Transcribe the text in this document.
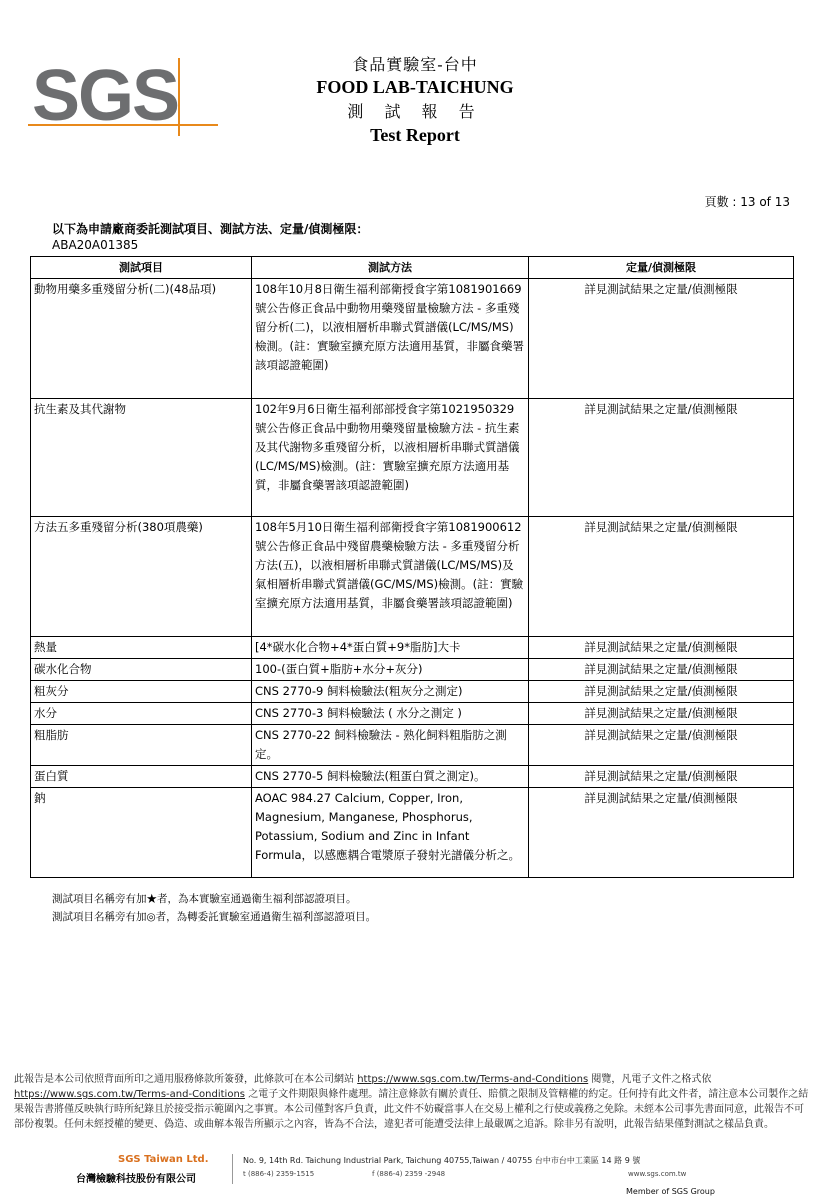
SGS	食品實驗室-台中
FOOD LAB-TAICHUNG
測 試 報 告
Test Report
頁數 : 13 of 13
以下為申請廠商委託測試項目、測試方法、定量/偵測極限：
ABA20A01385
測試項目	測試方法	定量/偵測極限
動物用藥多重殘留分析(二)(48品項)	108年10月8日衛生福利部衛授食字第1081901669號公告修正食品中動物用藥殘留量檢驗方法 - 多重殘留分析(二)，以液相層析串聯式質譜儀(LC/MS/MS)檢測。(註：實驗室擴充原方法適用基質，非屬食藥署該項認證範圍)	詳見測試結果之定量/偵測極限
抗生素及其代謝物	102年9月6日衛生福利部部授食字第1021950329號公告修正食品中動物用藥殘留量檢驗方法 - 抗生素及其代謝物多重殘留分析，以液相層析串聯式質譜儀(LC/MS/MS)檢測。(註：實驗室擴充原方法適用基質，非屬食藥署該項認證範圍)	詳見測試結果之定量/偵測極限
方法五多重殘留分析(380項農藥)	108年5月10日衛生福利部衛授食字第1081900612號公告修正食品中殘留農藥檢驗方法 - 多重殘留分析方法(五)，以液相層析串聯式質譜儀(LC/MS/MS)及氣相層析串聯式質譜儀(GC/MS/MS)檢測。(註：實驗室擴充原方法適用基質，非屬食藥署該項認證範圍)	詳見測試結果之定量/偵測極限
熱量	[4*碳水化合物+4*蛋白質+9*脂肪]大卡	詳見測試結果之定量/偵測極限
碳水化合物	100-(蛋白質+脂肪+水分+灰分)	詳見測試結果之定量/偵測極限
粗灰分	CNS 2770-9 飼料檢驗法(粗灰分之測定)	詳見測試結果之定量/偵測極限
水分	CNS 2770-3 飼料檢驗法 ( 水分之測定 )	詳見測試結果之定量/偵測極限
粗脂肪	CNS 2770-22 飼料檢驗法 - 熟化飼料粗脂肪之測定。	詳見測試結果之定量/偵測極限
蛋白質	CNS 2770-5 飼料檢驗法(粗蛋白質之測定)。	詳見測試結果之定量/偵測極限
鈉	AOAC 984.27 Calcium, Copper, Iron, Magnesium, Manganese, Phosphorus, Potassium, Sodium and Zinc in Infant Formula，以感應耦合電漿原子發射光譜儀分析之。	詳見測試結果之定量/偵測極限
測試項目名稱旁有加★者，為本實驗室通過衛生福利部認證項目。
測試項目名稱旁有加◎者，為轉委託實驗室通過衛生福利部認證項目。
此報告是本公司依照背面所印之通用服務條款所簽發，此條款可在本公司網站 https://www.sgs.com.tw/Terms-and-Conditions 閱覽，凡電子文件之格式依 https://www.sgs.com.tw/Terms-and-Conditions 之電子文件期限與條件處理。請注意條款有關於責任、賠償之限制及管轄權的約定。任何持有此文件者，請注意本公司製作之結果報告書將僅反映執行時所紀錄且於接受指示範圍內之事實。本公司僅對客戶負責，此文件不妨礙當事人在交易上權利之行使或義務之免除。未經本公司事先書面同意，此報告不可部份複製。任何未經授權的變更、偽造、或曲解本報告所顯示之內容，皆為不合法，違犯者可能遭受法律上最嚴厲之追訴。除非另有說明，此報告結果僅對測試之樣品負責。
SGS Taiwan Ltd.
台灣檢驗科技股份有限公司
No. 9, 14th Rd. Taichung Industrial Park, Taichung 40755,Taiwan / 40755 台中市台中工業區 14 路 9 號
t (886-4) 2359-1515	f (886-4) 2359 -2948	www.sgs.com.tw
Member of SGS Group
